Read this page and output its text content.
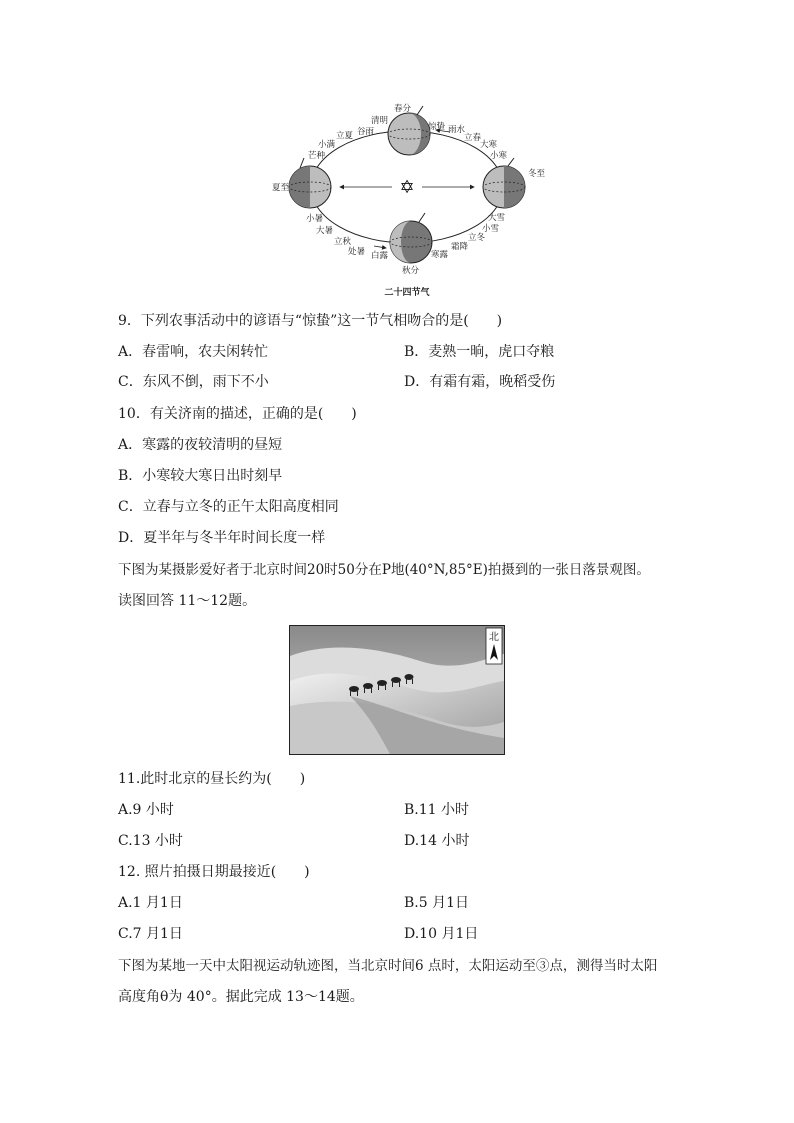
✡
春分
清明
谷雨
立夏
小满
芒种
夏至
小暑
大暑
立秋
处暑 白露
秋分
寒露
霜降
立冬
小雪
大雪
小寒
大寒
立春
雨水
惊蛰
冬至
二十四节气
9．下列农事活动中的谚语与“惊蛰”这一节气相吻合的是(　　)
A．春雷响，农夫闲转忙	B．麦熟一晌，虎口夺粮
C．东风不倒，雨下不小	D．有霜有霜，晚稻受伤
10．有关济南的描述，正确的是(　　)
A．寒露的夜较清明的昼短
B．小寒较大寒日出时刻早
C．立春与立冬的正午太阳高度相同
D．夏半年与冬半年时间长度一样
下图为某摄影爱好者于北京时间20时50分在P地(40°N,85°E)拍摄到的一张日落景观图。
读图回答 11～12题。
北
11.此时北京的昼长约为(　　)
A.9 小时	B.11 小时
C.13 小时	D.14 小时
12. 照片拍摄日期最接近(　　)
A.1 月1日	B.5 月1日
C.7 月1日	D.10 月1日
下图为某地一天中太阳视运动轨迹图，当北京时间6 点时，太阳运动至③点，测得当时太阳
高度角θ为 40°。据此完成 13～14题。
